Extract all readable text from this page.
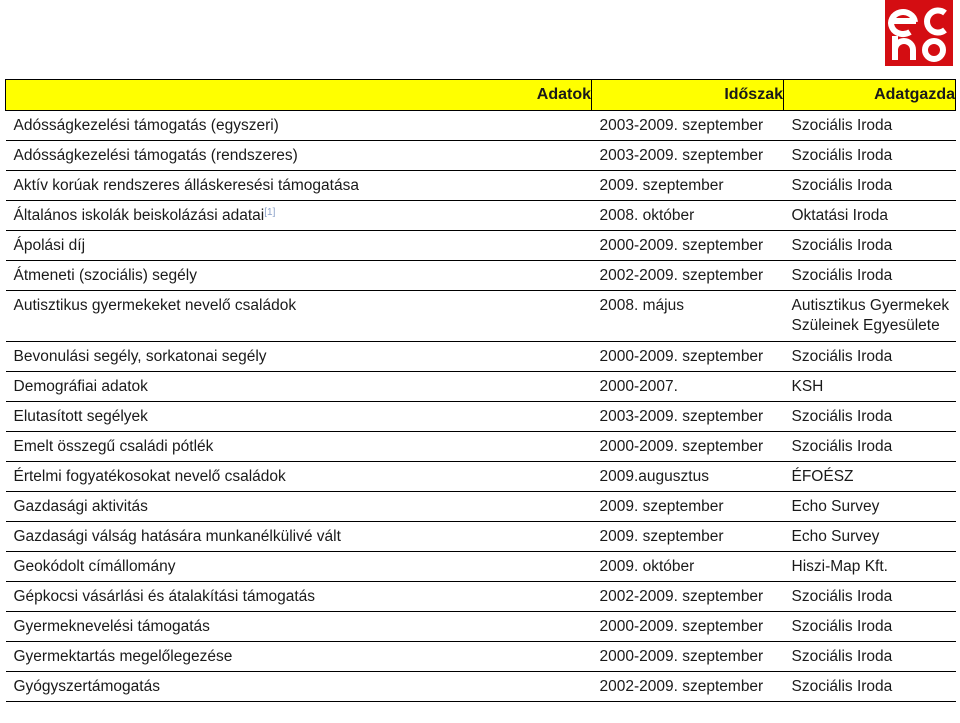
Adatok	Időszak	Adatgazda
Adósságkezelési támogatás (egyszeri)	2003-2009. szeptember	Szociális Iroda
Adósságkezelési támogatás (rendszeres)	2003-2009. szeptember	Szociális Iroda
Aktív korúak rendszeres álláskeresési támogatása	2009. szeptember	Szociális Iroda
Általános iskolák beiskolázási adatai[1]	2008. október	Oktatási Iroda
Ápolási díj	2000-2009. szeptember	Szociális Iroda
Átmeneti (szociális) segély	2002-2009. szeptember	Szociális Iroda
Autisztikus gyermekeket nevelő családok	2008. május	Autisztikus Gyermekek
Szüleinek Egyesülete

Bevonulási segély, sorkatonai segély	2000-2009. szeptember	Szociális Iroda
Demográfiai adatok	2000-2007.	KSH
Elutasított segélyek	2003-2009. szeptember	Szociális Iroda
Emelt összegű családi pótlék	2000-2009. szeptember	Szociális Iroda
Értelmi fogyatékosokat nevelő családok	2009.augusztus	ÉFOÉSZ
Gazdasági aktivitás	2009. szeptember	Echo Survey
Gazdasági válság hatására munkanélkülivé vált	2009. szeptember	Echo Survey
Geokódolt címállomány	2009. október	Hiszi-Map Kft.
Gépkocsi vásárlási és átalakítási támogatás	2002-2009. szeptember	Szociális Iroda
Gyermeknevelési támogatás	2000-2009. szeptember	Szociális Iroda
Gyermektartás megelőlegezése	2000-2009. szeptember	Szociális Iroda
Gyógyszertámogatás	2002-2009. szeptember	Szociális Iroda
